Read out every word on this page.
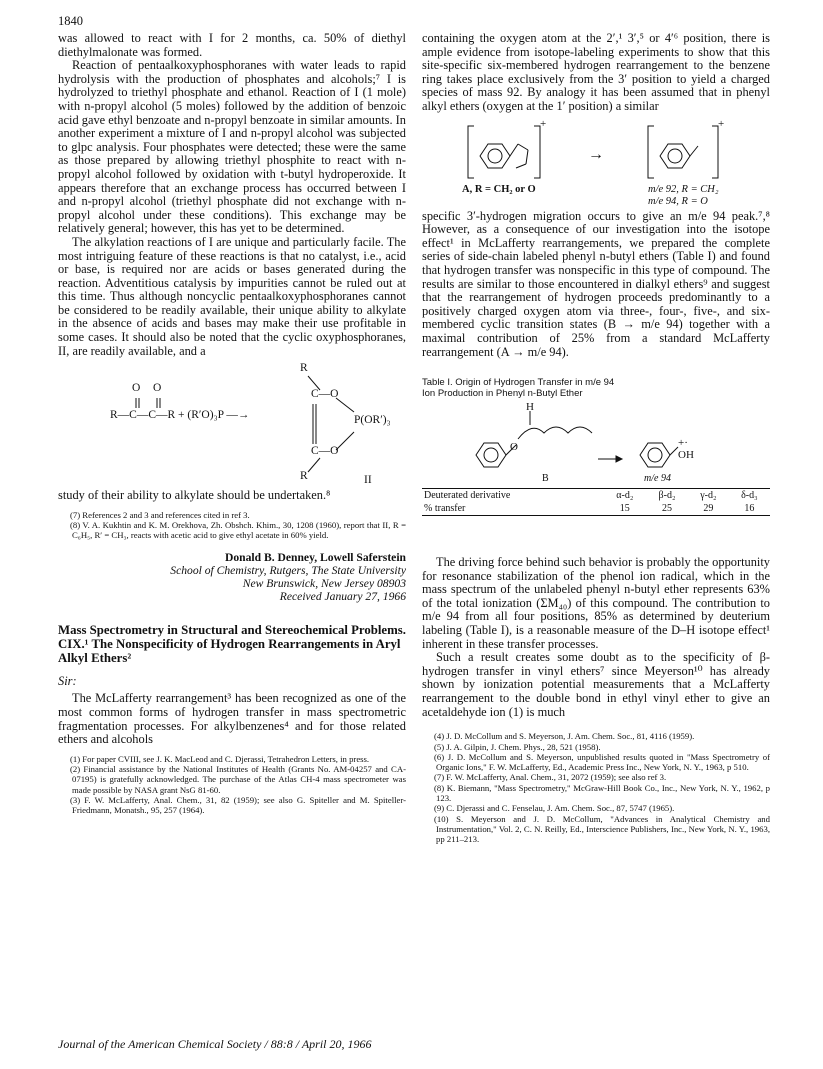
1840

was allowed to react with I for 2 months, ca. 50% of diethyl diethylmalonate was formed.

Reaction of pentaalkoxyphosphoranes with water leads to rapid hydrolysis with the production of phosphates and alcohols;⁷ I is hydrolyzed to triethyl phosphate and ethanol. Reaction of I (1 mole) with n-propyl alcohol (5 moles) followed by the addition of benzoic acid gave ethyl benzoate and n-propyl benzoate in similar amounts. In another experiment a mixture of I and n-propyl alcohol was subjected to glpc analysis. Four phosphates were detected; these were the same as those prepared by allowing triethyl phosphite to react with n-propyl alcohol followed by oxidation with t-butyl hydroperoxide. It appears therefore that an exchange process has occurred between I and n-propyl alcohol (triethyl phosphate did not exchange with n-propyl alcohol under these conditions). This exchange may be relatively general; however, this has yet to be determined.

The alkylation reactions of I are unique and particularly facile. The most intriguing feature of these reactions is that no catalyst, i.e., acid or base, is required nor are acids or bases generated during the reaction. Adventitious catalysis by impurities cannot be ruled out at this time. Thus although noncyclic pentaalkoxyphosphoranes cannot be considered to be readily available, their unique ability to alkylate in the absence of acids and bases may make their use profitable in some cases. It should also be noted that the cyclic oxyphosphoranes, II, are readily available, and a

O O
R—C—C—R + (R′O)₃P —→
R
C—O
P(OR′)₃
C—O
R	II

study of their ability to alkylate should be undertaken.⁸

(7) References 2 and 3 and references cited in ref 3.

(8) V. A. Kukhtin and K. M. Orekhova, Zh. Obshch. Khim., 30, 1208 (1960), report that II, R = C₆H₅, R′ = CH₃, reacts with acetic acid to give ethyl acetate in 60% yield.

Donald B. Denney, Lowell Saferstein
School of Chemistry, Rutgers, The State University
New Brunswick, New Jersey 08903
Received January 27, 1966
Mass Spectrometry in Structural and Stereochemical Problems. CIX.¹ The Nonspecificity of Hydrogen Rearrangements in Aryl Alkyl Ethers²
Sir:

The McLafferty rearrangement³ has been recognized as one of the most common forms of hydrogen transfer in mass spectrometric fragmentation processes. For alkylbenzenes⁴ and for those related ethers and alcohols

(1) For paper CVIII, see J. K. MacLeod and C. Djerassi, Tetrahedron Letters, in press.

(2) Financial assistance by the National Institutes of Health (Grants No. AM-04257 and CA-07195) is gratefully acknowledged. The purchase of the Atlas CH-4 mass spectrometer was made possible by NASA grant NsG 81-60.

(3) F. W. McLafferty, Anal. Chem., 31, 82 (1959); see also G. Spiteller and M. Spiteller-Friedmann, Monatsh., 95, 257 (1964).

containing the oxygen atom at the 2′,¹ 3′,⁵ or 4′⁶ position, there is ample evidence from isotope-labeling experiments to show that this site-specific six-membered hydrogen rearrangement to the benzene ring takes place exclusively from the 3′ position to yield a charged species of mass 92. By analogy it has been assumed that in phenyl alkyl ethers (oxygen at the 1′ position) a similar

+	+
→
A, R = CH₂ or O	m/e 92, R = CH₂
m/e 94, R = O

specific 3′-hydrogen migration occurs to give an m/e 94 peak.⁷,⁸ However, as a consequence of our investigation into the isotope effect¹ in McLafferty rearrangements, we prepared the complete series of side-chain labeled phenyl n-butyl ethers (Table I) and found that hydrogen transfer was nonspecific in this type of compound. The results are similar to those encountered in dialkyl ethers⁹ and suggest that the rearrangement of hydrogen proceeds predominantly to a positively charged oxygen atom via three-, four-, five-, and six-membered cyclic transition states (B → m/e 94) together with a maximal contribution of 25% from a standard McLafferty rearrangement (A → m/e 94).

Table I. Origin of Hydrogen Transfer in m/e 94
Ion Production in Phenyl n-Butyl Ether
H
O	+·
OH
B	m/e 94
Deuterated derivative	α-d₂	β-d₂	γ-d₂	δ-d₃
% transfer	15	25	29	16

The driving force behind such behavior is probably the opportunity for resonance stabilization of the phenol ion radical, which in the mass spectrum of the unlabeled phenyl n-butyl ether represents 63% of the total ionization (ΣM₄₀) of this compound. The contribution to m/e 94 from all four positions, 85% as determined by deuterium labeling (Table I), is a reasonable measure of the D–H isotope effect¹ inherent in these transfer processes.

Such a result creates some doubt as to the specificity of β-hydrogen transfer in vinyl ethers⁷ since Meyerson¹⁰ has already shown by ionization potential measurements that a McLafferty rearrangement to the double bond in ethyl vinyl ether to give an acetaldehyde ion (1) is much

(4) J. D. McCollum and S. Meyerson, J. Am. Chem. Soc., 81, 4116 (1959).

(5) J. A. Gilpin, J. Chem. Phys., 28, 521 (1958).

(6) J. D. McCollum and S. Meyerson, unpublished results quoted in "Mass Spectrometry of Organic Ions," F. W. McLafferty, Ed., Academic Press Inc., New York, N. Y., 1963, p 510.

(7) F. W. McLafferty, Anal. Chem., 31, 2072 (1959); see also ref 3.

(8) K. Biemann, "Mass Spectrometry," McGraw-Hill Book Co., Inc., New York, N. Y., 1962, p 123.

(9) C. Djerassi and C. Fenselau, J. Am. Chem. Soc., 87, 5747 (1965).

(10) S. Meyerson and J. D. McCollum, "Advances in Analytical Chemistry and Instrumentation," Vol. 2, C. N. Reilly, Ed., Interscience Publishers, Inc., New York, N. Y., 1963, pp 211–213.

Journal of the American Chemical Society / 88:8 / April 20, 1966
